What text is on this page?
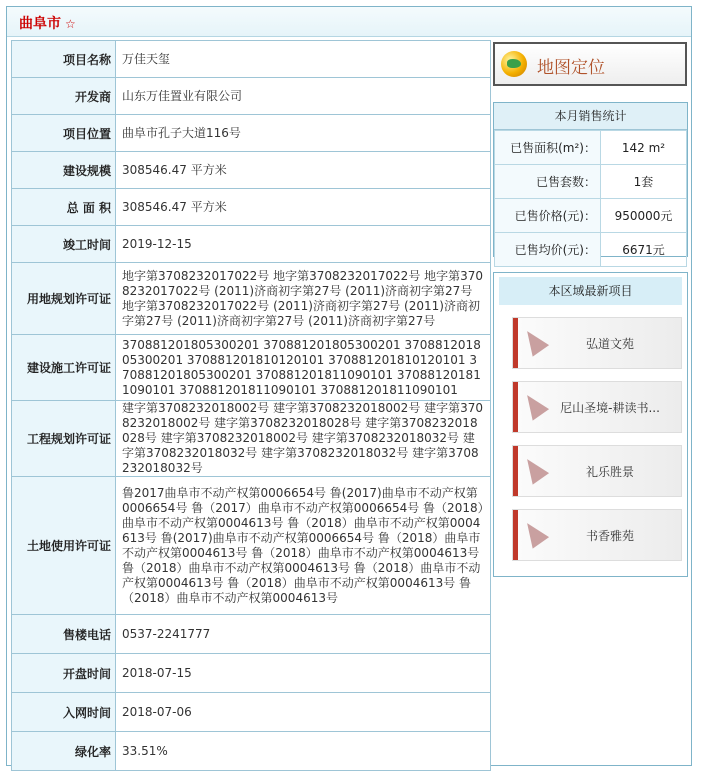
曲阜市 ☆
项目名称	万佳天玺
开发商	山东万佳置业有限公司
项目位置	曲阜市孔子大道116号
建设规模	308546.47 平方米
总 面 积	308546.47 平方米
竣工时间	2019-12-15
用地规划许可证	地字第3708232017022号 地字第3708232017022号 地字第3708232017022号 (2011)济商初字第27号 (2011)济商初字第27号 地字第3708232017022号 (2011)济商初字第27号 (2011)济商初字第27号 (2011)济商初字第27号 (2011)济商初字第27号
建设施工许可证	370881201805300201 370881201805300201 370881201805300201 370881201810120101 370881201810120101 370881201805300201 370881201811090101 370881201811090101 370881201811090101 370881201811090101
工程规划许可证	建字第3708232018002号 建字第3708232018002号 建字第3708232018002号 建字第3708232018028号 建字第3708232018028号 建字第3708232018002号 建字第3708232018032号 建字第3708232018032号 建字第3708232018032号 建字第3708232018032号
土地使用许可证	鲁2017曲阜市不动产权第0006654号 鲁(2017)曲阜市不动产权第0006654号 鲁（2017）曲阜市不动产权第0006654号 鲁（2018）曲阜市不动产权第0004613号 鲁（2018）曲阜市不动产权第0004613号 鲁(2017)曲阜市不动产权第0006654号 鲁（2018）曲阜市不动产权第0004613号 鲁（2018）曲阜市不动产权第0004613号 鲁（2018）曲阜市不动产权第0004613号 鲁（2018）曲阜市不动产权第0004613号 鲁（2018）曲阜市不动产权第0004613号 鲁（2018）曲阜市不动产权第0004613号
售楼电话	0537-2241777
开盘时间	2018-07-15
入网时间	2018-07-06
绿化率	33.51%
地图定位
本月销售统计
已售面积(m²)：	142 m²
已售套数：	1套
已售价格(元)：	950000元
已售均价(元)：	6671元
本区域最新项目
弘道文苑
尼山圣境-耕读书...
礼乐胜景
书香雅苑
